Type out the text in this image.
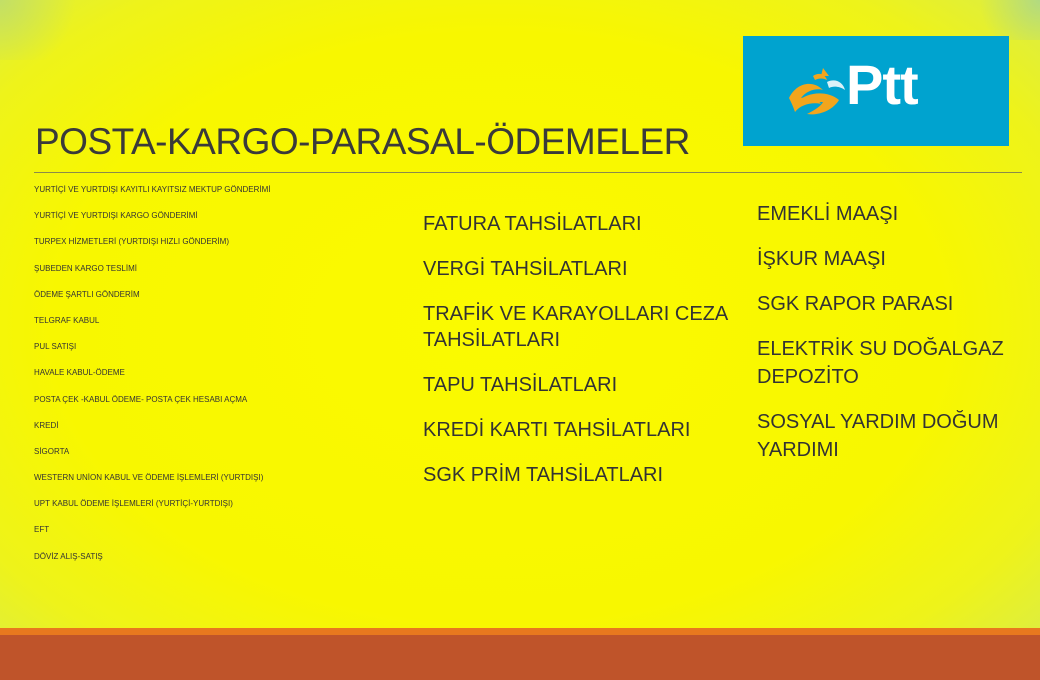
Ptt
POSTA-KARGO-PARASAL-ÖDEMELER
YURTİÇİ VE YURTDIŞI KAYITLI KAYITSIZ MEKTUP GÖNDERİMİ
YURTİÇİ VE YURTDIŞI KARGO GÖNDERİMİ
TURPEX HİZMETLERİ (YURTDIŞI HIZLI GÖNDERİM)
ŞUBEDEN KARGO TESLİMİ
ÖDEME ŞARTLI GÖNDERİM
TELGRAF KABUL
PUL SATIŞI
HAVALE KABUL-ÖDEME
POSTA ÇEK -KABUL ÖDEME- POSTA ÇEK HESABI AÇMA
KREDİ
SİGORTA
WESTERN UNİON KABUL VE ÖDEME İŞLEMLERİ (YURTDIŞI)
UPT KABUL ÖDEME İŞLEMLERİ (YURTİÇİ-YURTDIŞI)
EFT
DÖVİZ ALIŞ-SATIŞ
FATURA TAHSİLATLARI
VERGİ TAHSİLATLARI
TRAFİK VE KARAYOLLARI CEZA TAHSİLATLARI
TAPU TAHSİLATLARI
KREDİ KARTI TAHSİLATLARI
SGK PRİM TAHSİLATLARI
EMEKLİ MAAŞI
İŞKUR MAAŞI
SGK RAPOR PARASI
ELEKTRİK SU DOĞALGAZ DEPOZİTO
SOSYAL YARDIM DOĞUM YARDIMI
